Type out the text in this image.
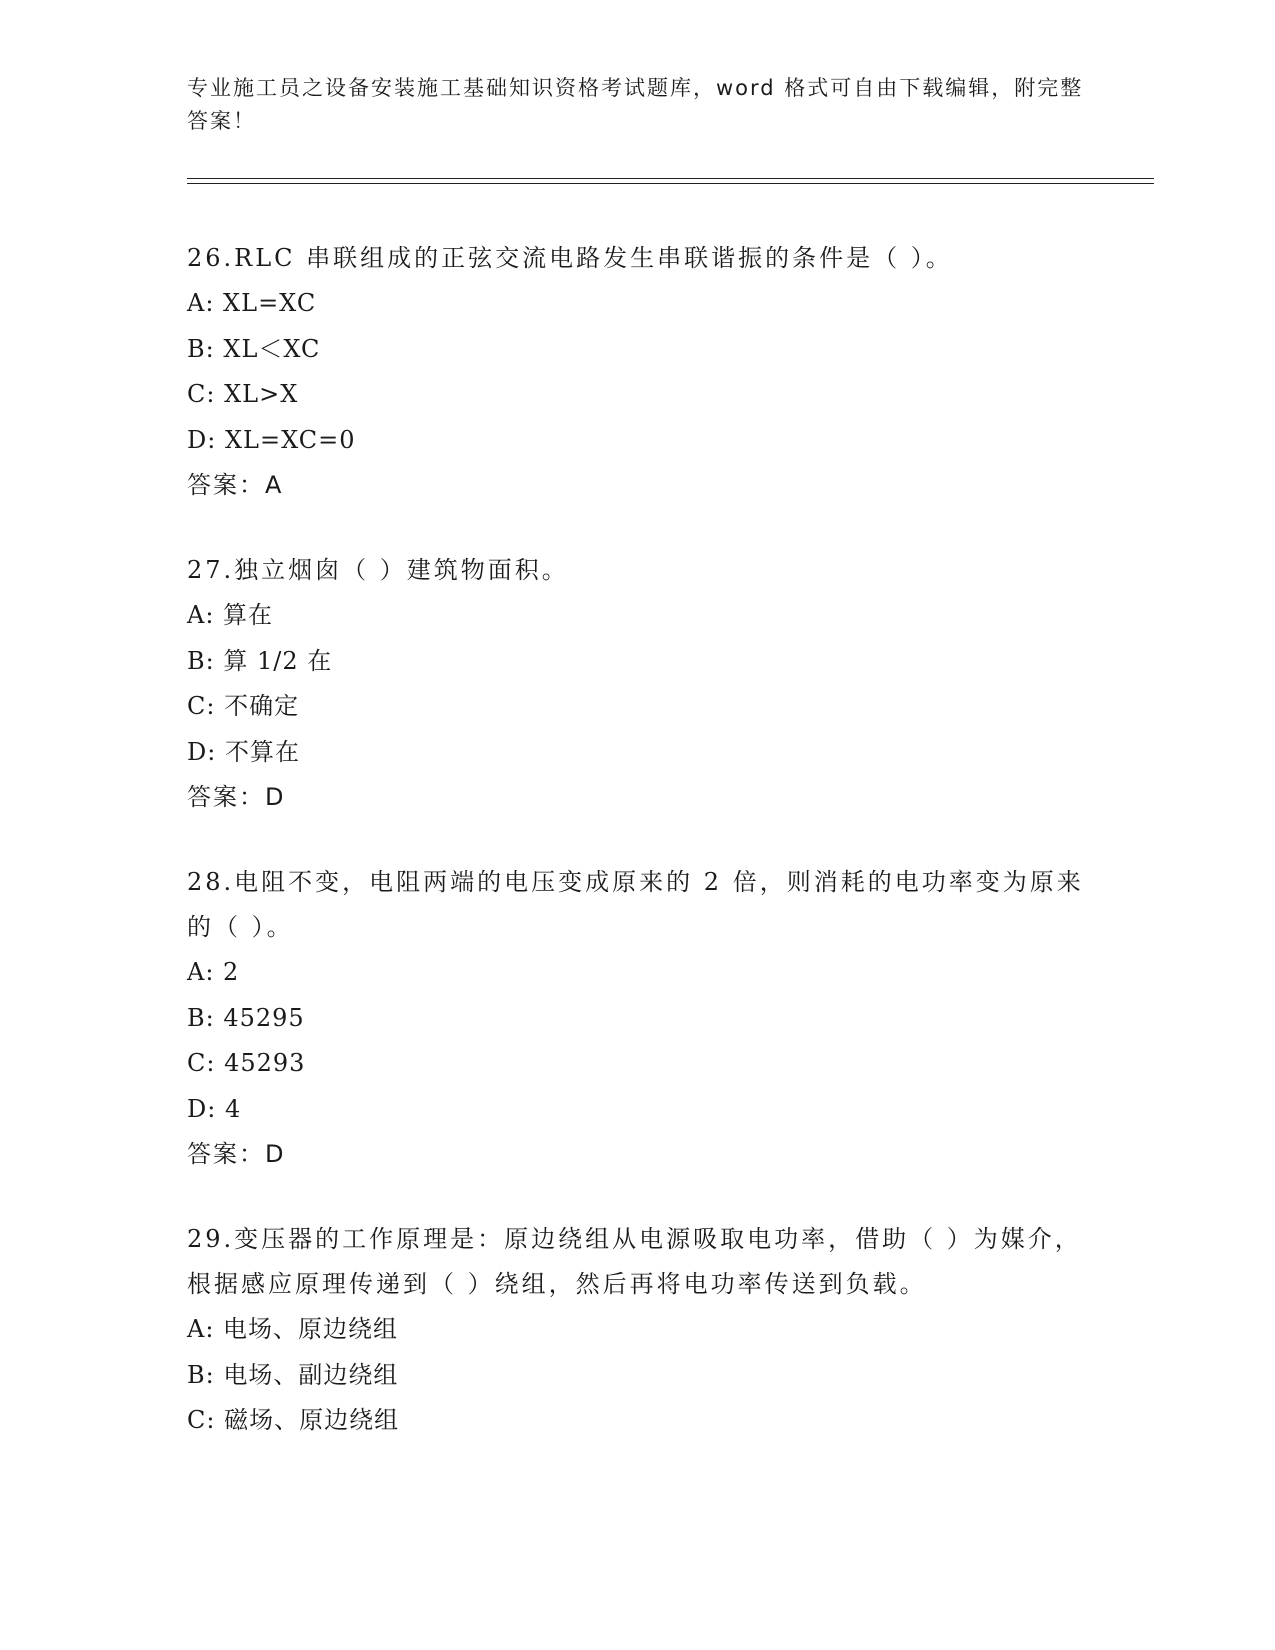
专业施工员之设备安装施工基础知识资格考试题库，word 格式可自由下载编辑，附完整答案！
26.RLC 串联组成的正弦交流电路发生串联谐振的条件是（ ）。
A: XL=XC
B: XL＜XC
C: XL>X
D: XL=XC=0
答案：A
27.独立烟囱（ ）建筑物面积。
A: 算在
B: 算 1/2 在
C: 不确定
D: 不算在
答案：D
28.电阻不变，电阻两端的电压变成原来的 2 倍，则消耗的电功率变为原来的（ ）。
A: 2
B: 45295
C: 45293
D: 4
答案：D
29.变压器的工作原理是：原边绕组从电源吸取电功率，借助（ ）为媒介，根据感应原理传递到（ ）绕组，然后再将电功率传送到负载。
A: 电场、原边绕组
B: 电场、副边绕组
C: 磁场、原边绕组
